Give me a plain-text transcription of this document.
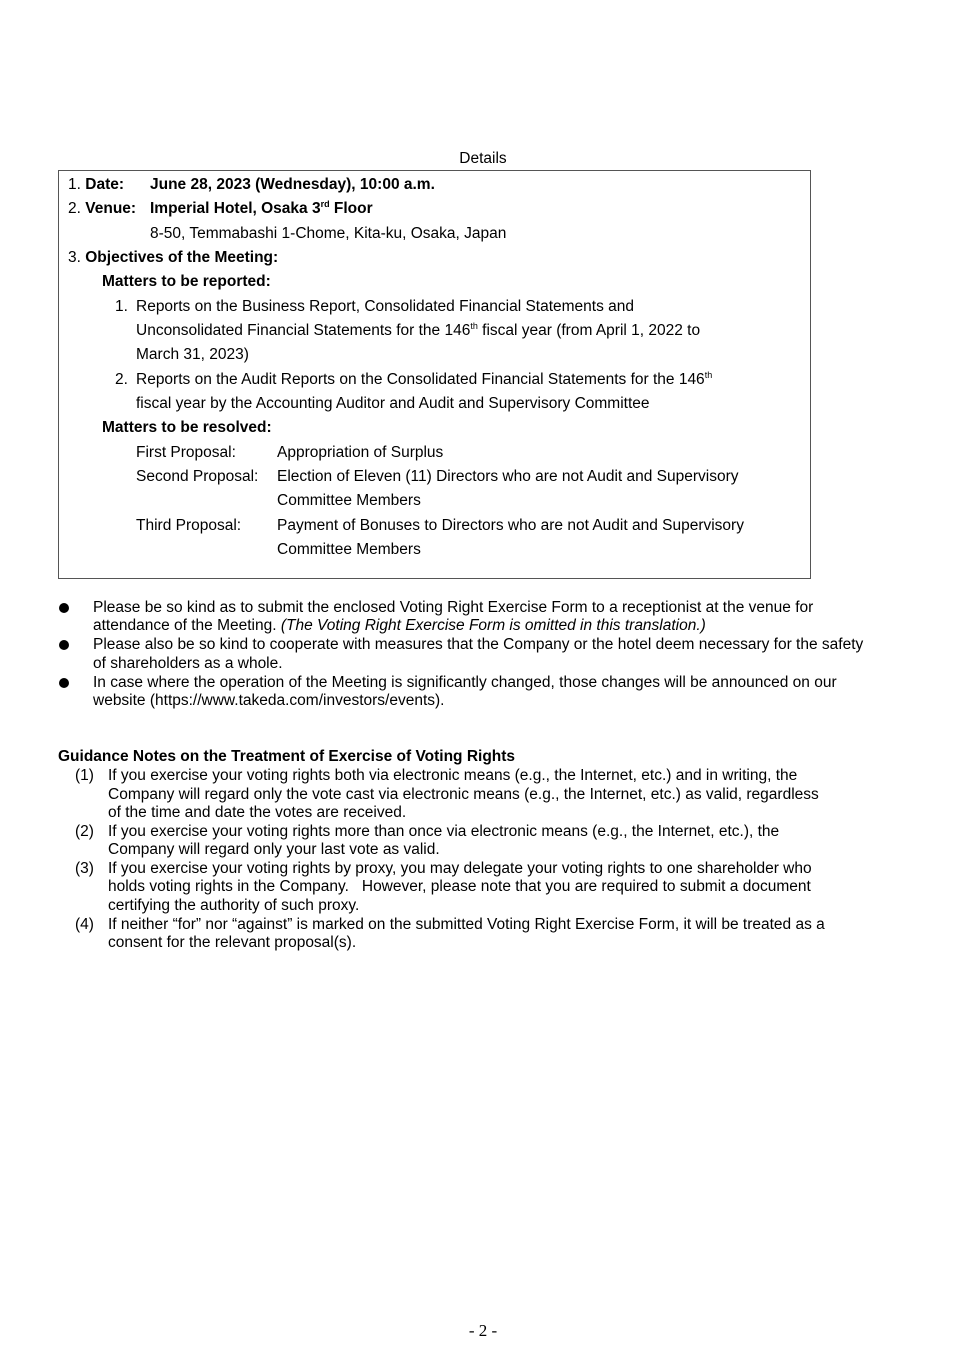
Details
1. Date: June 28, 2023 (Wednesday), 10:00 a.m.
2. Venue: Imperial Hotel, Osaka 3rd Floor
8-50, Temmabashi 1-Chome, Kita-ku, Osaka, Japan
3. Objectives of the Meeting:
Matters to be reported:
1. Reports on the Business Report, Consolidated Financial Statements and
Unconsolidated Financial Statements for the 146th fiscal year (from April 1, 2022 to
March 31, 2023)
2. Reports on the Audit Reports on the Consolidated Financial Statements for the 146th
fiscal year by the Accounting Auditor and Audit and Supervisory Committee
Matters to be resolved:
First Proposal:	Appropriation of Surplus
Second Proposal: Election of Eleven (11) Directors who are not Audit and Supervisory
Committee Members
Third Proposal: Payment of Bonuses to Directors who are not Audit and Supervisory
Committee Members
Please be so kind as to submit the enclosed Voting Right Exercise Form to a receptionist at the venue for
attendance of the Meeting. (The Voting Right Exercise Form is omitted in this translation.)
Please also be so kind to cooperate with measures that the Company or the hotel deem necessary for the safety
of shareholders as a whole.
In case where the operation of the Meeting is significantly changed, those changes will be announced on our
website (https://www.takeda.com/investors/events).
Guidance Notes on the Treatment of Exercise of Voting Rights
(1) If you exercise your voting rights both via electronic means (e.g., the Internet, etc.) and in writing, the
Company will regard only the vote cast via electronic means (e.g., the Internet, etc.) as valid, regardless
of the time and date the votes are received.
(2) If you exercise your voting rights more than once via electronic means (e.g., the Internet, etc.), the
Company will regard only your last vote as valid.
(3) If you exercise your voting rights by proxy, you may delegate your voting rights to one shareholder who
holds voting rights in the Company.   However, please note that you are required to submit a document
certifying the authority of such proxy.
(4) If neither “for” nor “against” is marked on the submitted Voting Right Exercise Form, it will be treated as a
consent for the relevant proposal(s).
- 2 -
